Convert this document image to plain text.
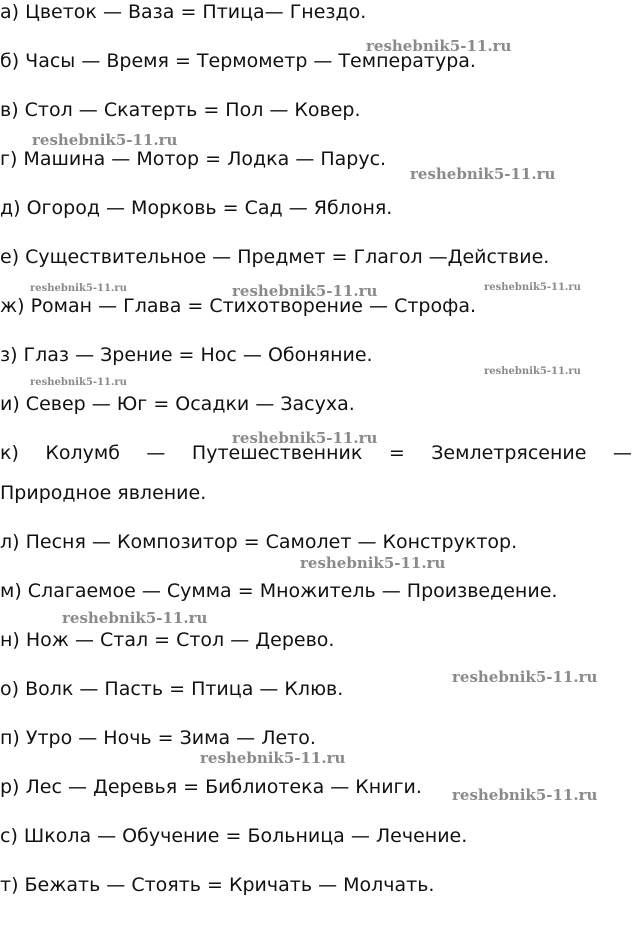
а) Цветок — Ваза = Птица— Гнездо.
б) Часы — Время = Термометр — Температура.
в) Стол — Скатерть = Пол — Ковер.
г) Машина — Мотор = Лодка — Парус.
д) Огород — Морковь = Сад — Яблоня.
е) Существительное — Предмет = Глагол —Действие.
ж) Роман — Глава = Стихотворение — Строфа.
з) Глаз — Зрение = Нос — Обоняние.
и) Север — Юг = Осадки — Засуха.
к) Колумб — Путешественник = Землетрясение —
Природное явление.
л) Песня — Композитор = Самолет — Конструктор.
м) Слагаемое — Сумма = Множитель — Произведение.
н) Нож — Стал = Стол — Дерево.
о) Волк — Пасть = Птица — Клюв.
п) Утро — Ночь = Зима — Лето.
р) Лес — Деревья = Библиотека — Книги.
с) Школа — Обучение = Больница — Лечение.
т) Бежать — Стоять = Кричать — Молчать.
reshebnik5-11.ru
reshebnik5-11.ru
reshebnik5-11.ru
reshebnik5-11.ru	reshebnik5-11.ru	reshebnik5-11.ru
reshebnik5-11.ru
reshebnik5-11.ru
reshebnik5-11.ru
reshebnik5-11.ru
reshebnik5-11.ru
reshebnik5-11.ru
reshebnik5-11.ru
reshebnik5-11.ru
